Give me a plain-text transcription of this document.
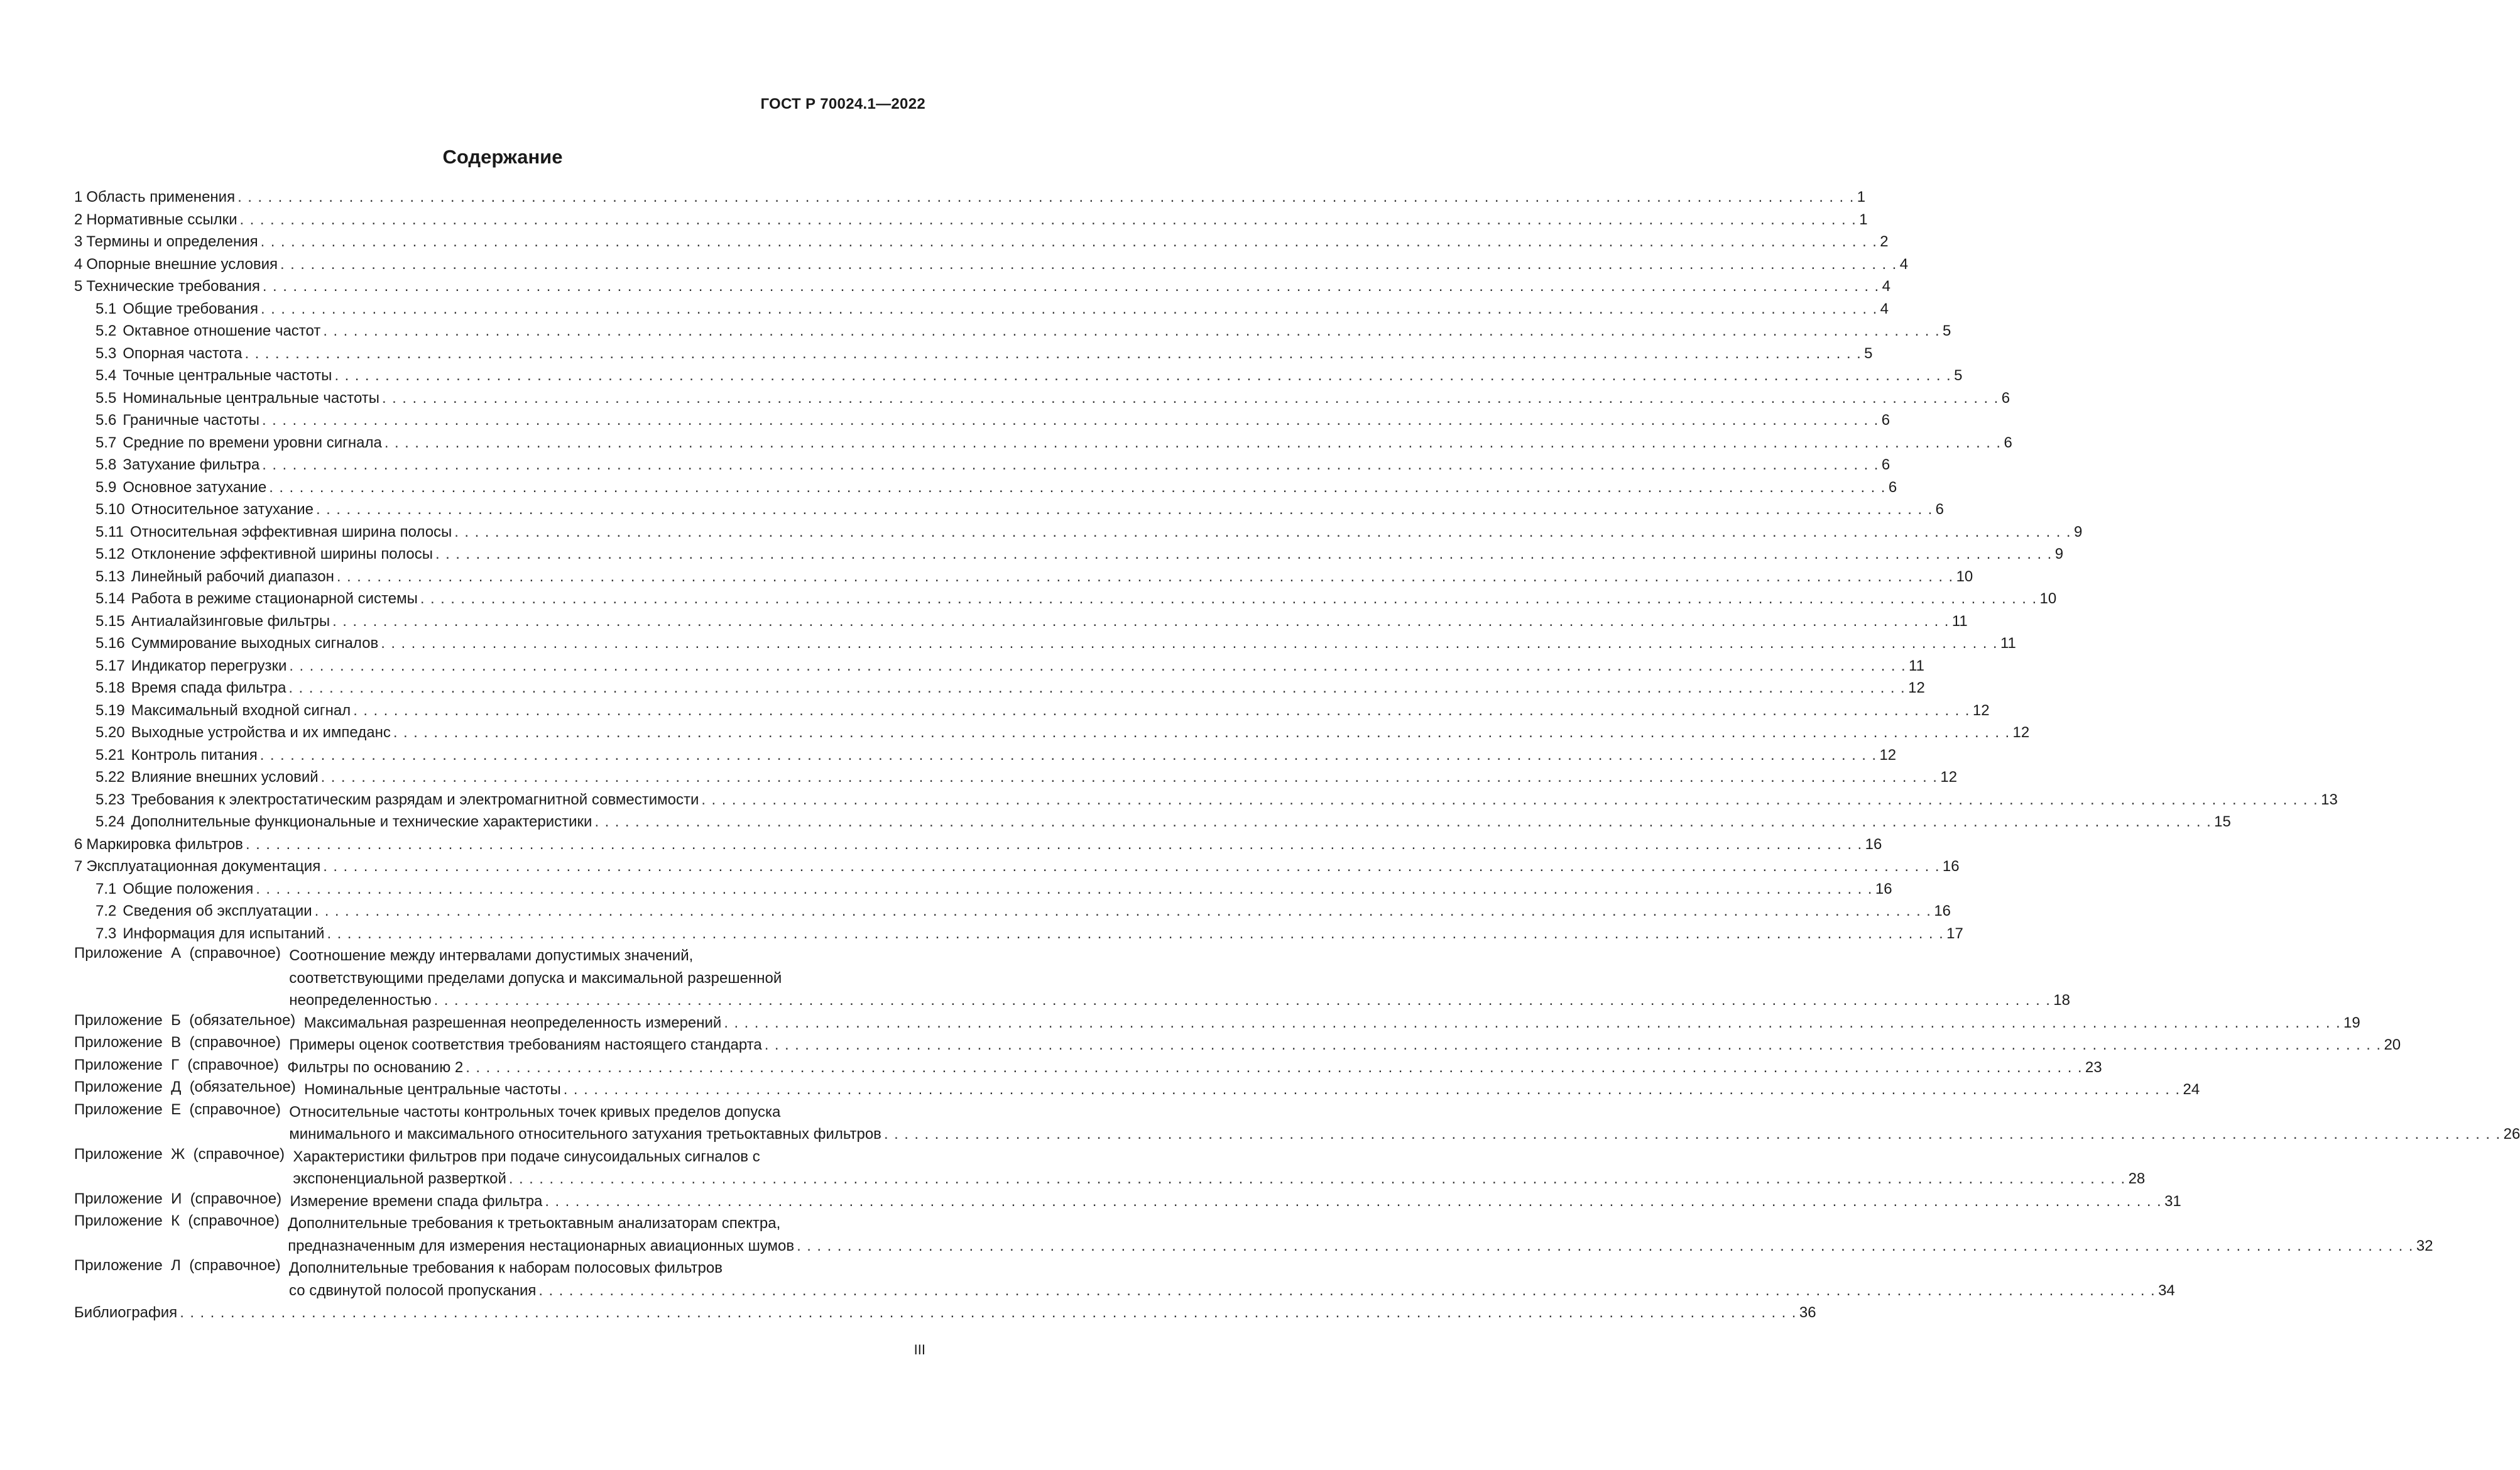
ГОСТ Р 70024.1—2022
Содержание
1 Область применения . . .	1
2 Нормативные ссылки . . .	1
3 Термины и определения . . .	2
4 Опорные внешние условия . . .	4
5 Технические требования . . .	4
5.1 Общие требования . . .	4
5.2 Октавное отношение частот . . .	5
5.3 Опорная частота . . .	5
5.4 Точные центральные частоты . . .	5
5.5 Номинальные центральные частоты . . .	6
5.6 Граничные частоты . . .	6
5.7 Средние по времени уровни сигнала . . .	6
5.8 Затухание фильтра . . .	6
5.9 Основное затухание . . .	6
5.10 Относительное затухание . . .	6
5.11 Относительная эффективная ширина полосы . . .	9
5.12 Отклонение эффективной ширины полосы . . .	9
5.13 Линейный рабочий диапазон . . .	10
5.14 Работа в режиме стационарной системы . . .	10
5.15 Антиалайзинговые фильтры . . .	11
5.16 Суммирование выходных сигналов . . .	11
5.17 Индикатор перегрузки . . .	11
5.18 Время спада фильтра . . .	12
5.19 Максимальный входной сигнал . . .	12
5.20 Выходные устройства и их импеданс . . .	12
5.21 Контроль питания . . .	12
5.22 Влияние внешних условий . . .	12
5.23 Требования к электростатическим разрядам и электромагнитной совместимости . . .	13
5.24 Дополнительные функциональные и технические характеристики . . .	15
6 Маркировка фильтров . . .	16
7 Эксплуатационная документация . . .	16
7.1 Общие положения . . .	16
7.2 Сведения об эксплуатации . . .	16
7.3 Информация для испытаний . . .	17
Приложение  А  (справочное) Соотношение между интервалами допустимых значений,
соответствующими пределами допуска и максимальной разрешенной
неопределенностью . . .	18
Приложение  Б  (обязательное) Максимальная разрешенная неопределенность измерений . . .	19
Приложение  В  (справочное) Примеры оценок соответствия требованиям настоящего стандарта . . .	20
Приложение  Г  (справочное) Фильтры по основанию 2 . . .	23
Приложение  Д  (обязательное) Номинальные центральные частоты . . .	24
Приложение  Е  (справочное) Относительные частоты контрольных точек кривых пределов допуска
минимального и максимального относительного затухания третьоктавных фильтров . . .	26
Приложение  Ж  (справочное) Характеристики фильтров при подаче синусоидальных сигналов с
экспоненциальной разверткой . . .	28
Приложение  И  (справочное) Измерение времени спада фильтра . . .	31
Приложение  К  (справочное) Дополнительные требования к третьоктавным анализаторам спектра,
предназначенным для измерения нестационарных авиационных шумов . . .	32
Приложение  Л  (справочное) Дополнительные требования к наборам полосовых фильтров
со сдвинутой полосой пропускания . . .	34
Библиография . . .	36
III
